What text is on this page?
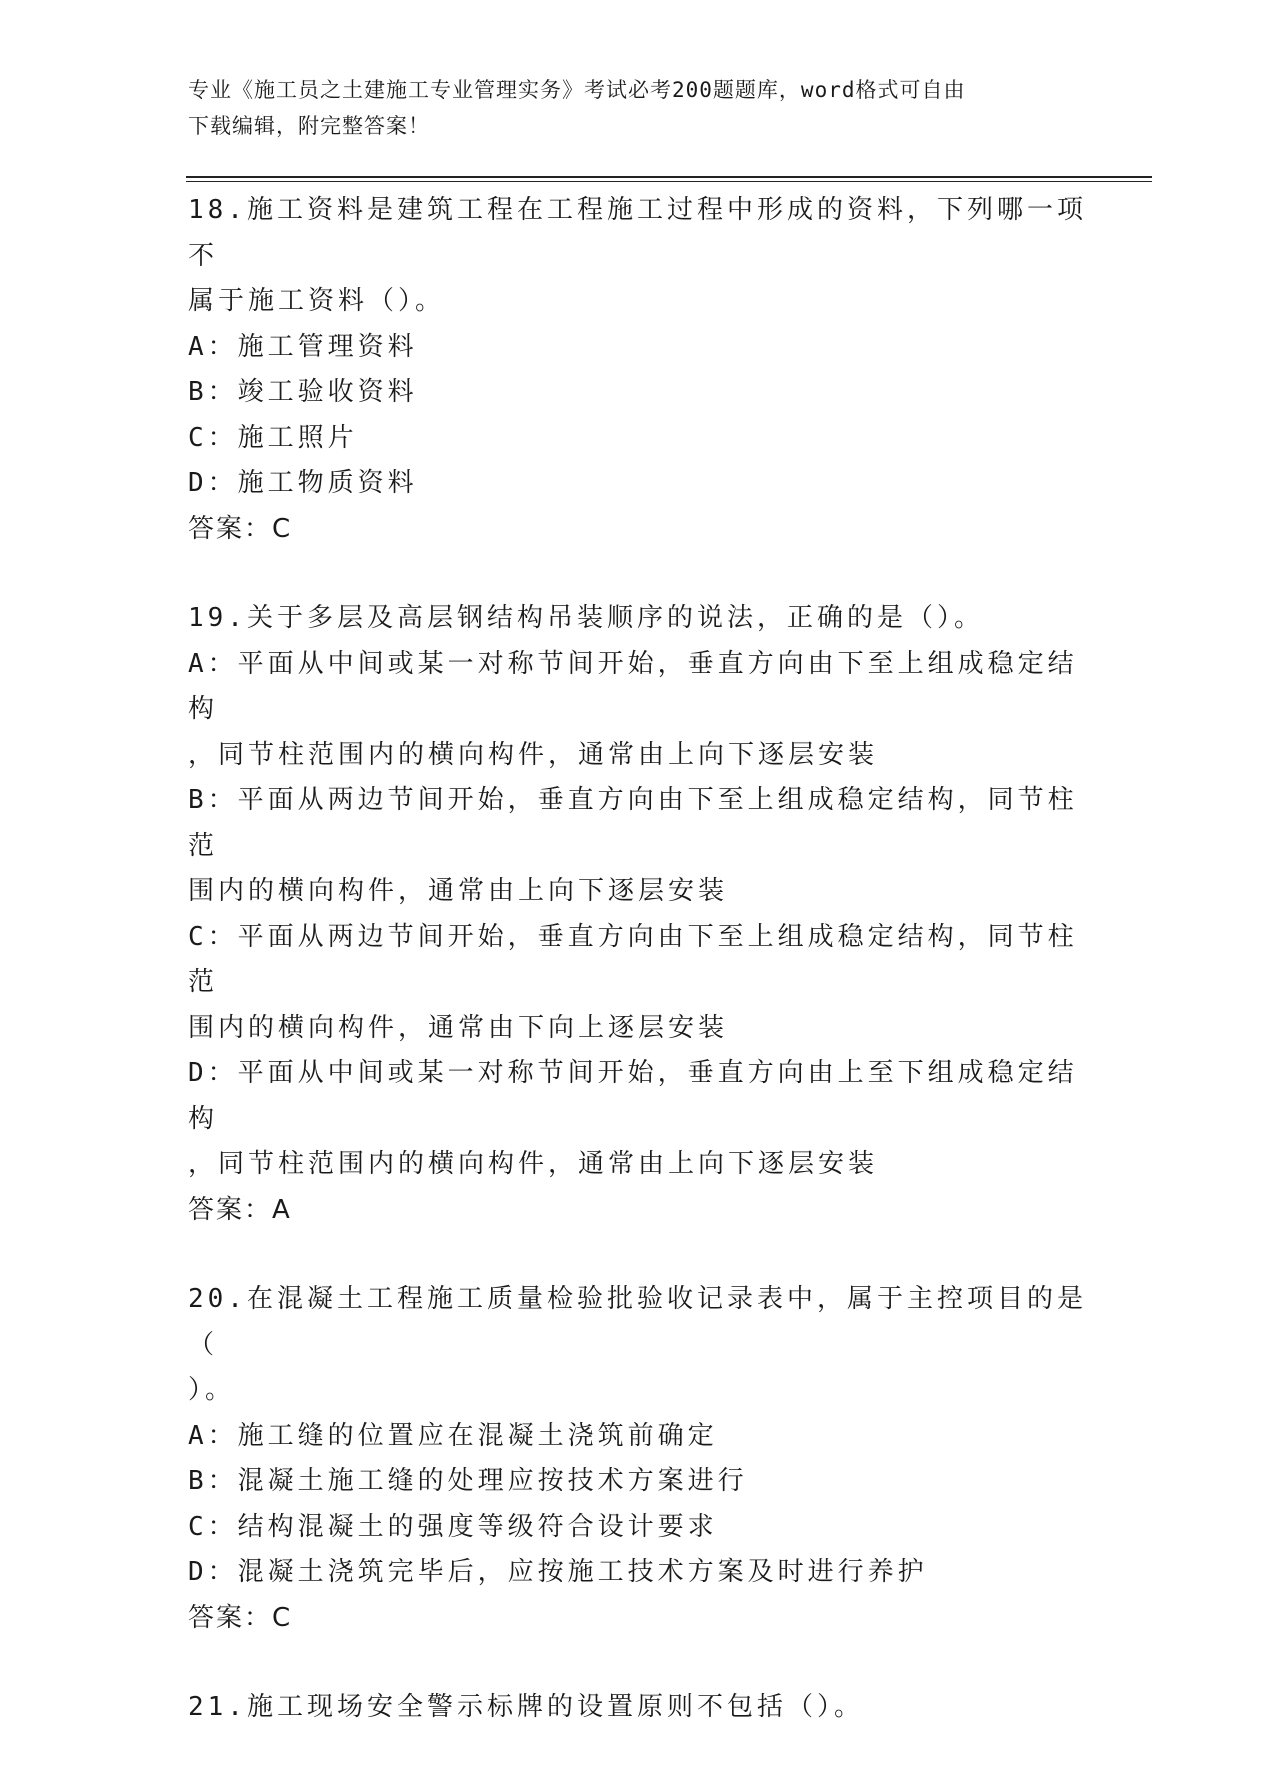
专业《施工员之土建施工专业管理实务》考试必考200题题库，word格式可自由
下载编辑，附完整答案！
18.施工资料是建筑工程在工程施工过程中形成的资料，下列哪一项不
属于施工资料（）。
A：施工管理资料
B：竣工验收资料
C：施工照片
D：施工物质资料
答案：C
19.关于多层及高层钢结构吊装顺序的说法，正确的是（）。
A：平面从中间或某一对称节间开始，垂直方向由下至上组成稳定结构
，同节柱范围内的横向构件，通常由上向下逐层安装
B：平面从两边节间开始，垂直方向由下至上组成稳定结构，同节柱范
围内的横向构件，通常由上向下逐层安装
C：平面从两边节间开始，垂直方向由下至上组成稳定结构，同节柱范
围内的横向构件，通常由下向上逐层安装
D：平面从中间或某一对称节间开始，垂直方向由上至下组成稳定结构
，同节柱范围内的横向构件，通常由上向下逐层安装
答案：A
20.在混凝土工程施工质量检验批验收记录表中，属于主控项目的是（
）。
A：施工缝的位置应在混凝土浇筑前确定
B：混凝土施工缝的处理应按技术方案进行
C：结构混凝土的强度等级符合设计要求
D：混凝土浇筑完毕后，应按施工技术方案及时进行养护
答案：C
21.施工现场安全警示标牌的设置原则不包括（）。
